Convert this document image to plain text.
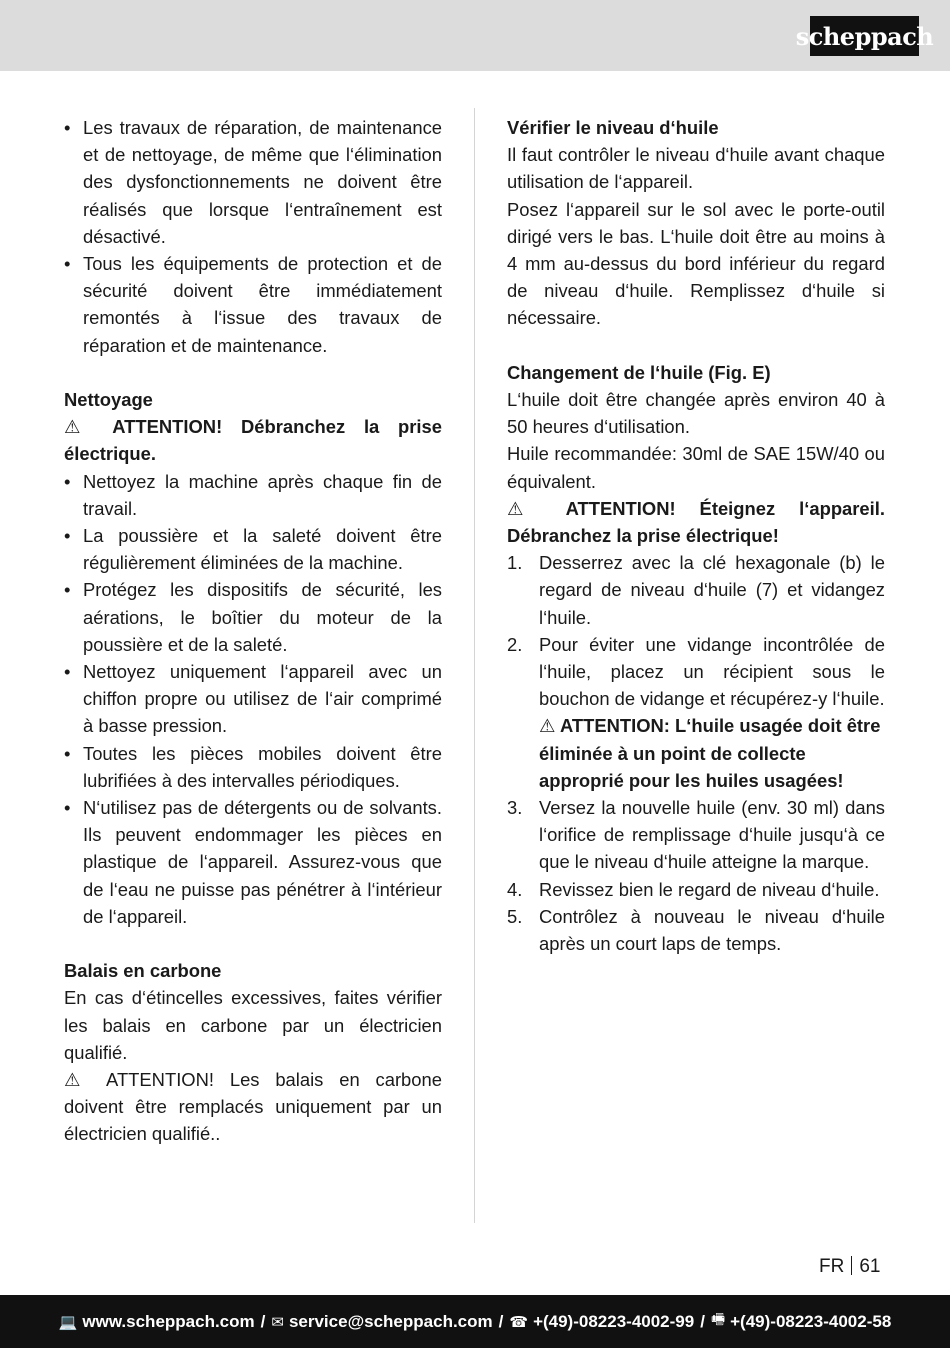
scheppach
• Les travaux de réparation, de maintenance et de nettoyage, de même que l‘élimination des dysfonctionnements ne doivent être réalisés que lorsque l‘entraînement est désactivé.
• Tous les équipements de protection et de sécurité doivent être immédiatement remontés à l‘issue des travaux de réparation et de maintenance.
Nettoyage
⚠ ATTENTION! Débranchez la prise électrique.
• Nettoyez la machine après chaque fin de travail.
• La poussière et la saleté doivent être régulièrement éliminées de la machine.
• Protégez les dispositifs de sécurité, les aérations, le boîtier du moteur de la poussière et de la saleté.
• Nettoyez uniquement l‘appareil avec un chiffon propre ou utilisez de l‘air comprimé à basse pression.
• Toutes les pièces mobiles doivent être lubrifiées à des intervalles périodiques.
• N‘utilisez pas de détergents ou de solvants. Ils peuvent endommager les pièces en plastique de l‘appareil. Assurez-vous que de l‘eau ne puisse pas pénétrer à l‘intérieur de l‘appareil.
Balais en carbone
En cas d‘étincelles excessives, faites vérifier les balais en carbone par un électricien qualifié.
⚠ ATTENTION! Les balais en carbone doivent être remplacés uniquement par un électricien qualifié..
Vérifier le niveau d‘huile
Il faut contrôler le niveau d‘huile avant chaque utilisation de l‘appareil.
Posez l‘appareil sur le sol avec le porte-outil dirigé vers le bas. L‘huile doit être au moins à 4 mm au-dessus du bord inférieur du regard de niveau d‘huile. Remplissez d‘huile si nécessaire.
Changement de l‘huile (Fig. E)
L‘huile doit être changée après environ 40 à 50 heures d‘utilisation.
Huile recommandée: 30ml de SAE 15W/40 ou équivalent.
⚠ ATTENTION! Éteignez l‘appareil. Débranchez la prise électrique!
1. Desserrez avec la clé hexagonale (b) le regard de niveau d‘huile (7) et vidangez l‘huile.
2. Pour éviter une vidange incontrôlée de l‘huile, placez un récipient sous le bouchon de vidange et récupérez-y l‘huile.
⚠ ATTENTION: L‘huile usagée doit être éliminée à un point de collecte approprié pour les huiles usagées!
3. Versez la nouvelle huile (env. 30 ml) dans l‘orifice de remplissage d‘huile jusqu‘à ce que le niveau d‘huile atteigne la marque.
4. Revissez bien le regard de niveau d‘huile.
5. Contrôlez à nouveau le niveau d‘huile après un court laps de temps.
FR 61
💻 www.scheppach.com / ✉ service@scheppach.com / ☎ +(49)-08223-4002-99 / 🖷 +(49)-08223-4002-58
